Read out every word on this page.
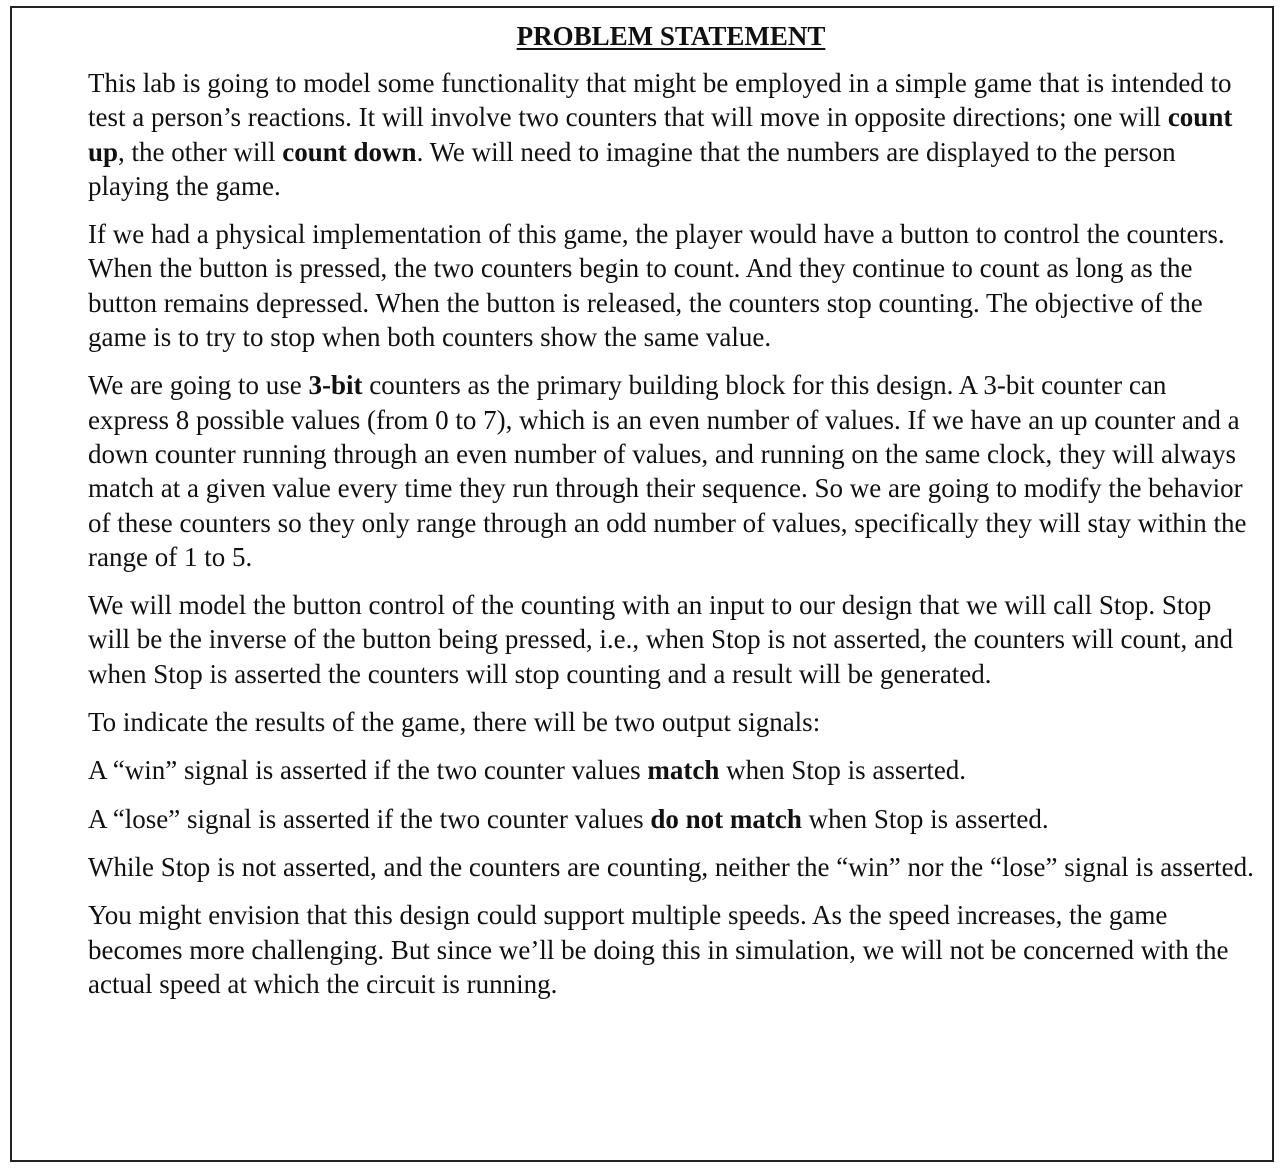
PROBLEM STATEMENT

This lab is going to model some functionality that might be employed in a simple game that is intended to test a person’s reactions. It will involve two counters that will move in opposite directions; one will count up, the other will count down. We will need to imagine that the numbers are displayed to the person playing the game.

If we had a physical implementation of this game, the player would have a button to control the counters. When the button is pressed, the two counters begin to count. And they continue to count as long as the button remains depressed. When the button is released, the counters stop counting. The objective of the game is to try to stop when both counters show the same value.

We are going to use 3-bit counters as the primary building block for this design. A 3-bit counter can express 8 possible values (from 0 to 7), which is an even number of values. If we have an up counter and a down counter running through an even number of values, and running on the same clock, they will always match at a given value every time they run through their sequence. So we are going to modify the behavior of these counters so they only range through an odd number of values, specifically they will stay within the range of 1 to 5.

We will model the button control of the counting with an input to our design that we will call Stop. Stop will be the inverse of the button being pressed, i.e., when Stop is not asserted, the counters will count, and when Stop is asserted the counters will stop counting and a result will be generated.

To indicate the results of the game, there will be two output signals:

A “win” signal is asserted if the two counter values match when Stop is asserted.

A “lose” signal is asserted if the two counter values do not match when Stop is asserted.

While Stop is not asserted, and the counters are counting, neither the “win” nor the “lose” signal is asserted.

You might envision that this design could support multiple speeds. As the speed increases, the game becomes more challenging. But since we’ll be doing this in simulation, we will not be concerned with the actual speed at which the circuit is running.
